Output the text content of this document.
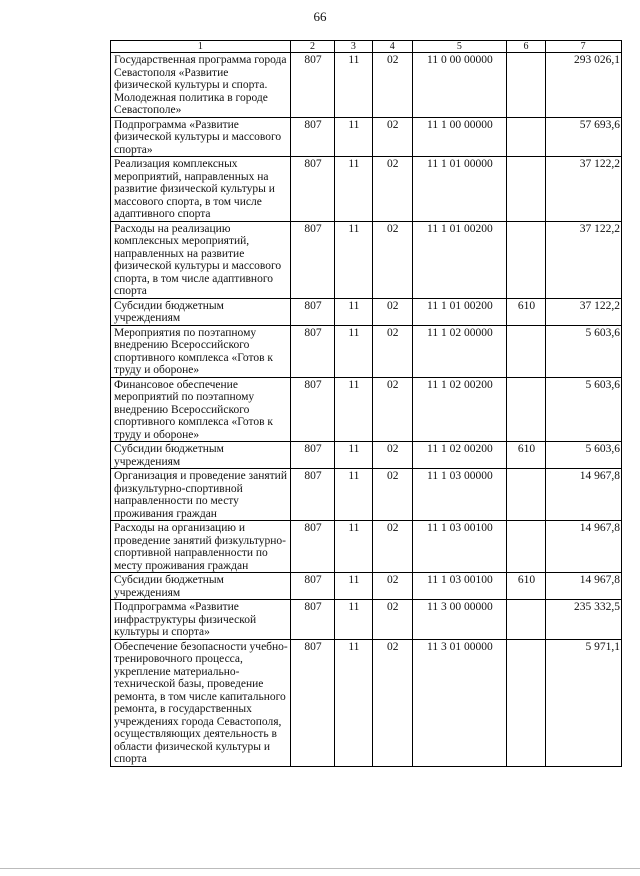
66
1	2	3	4	5	6	7
Государственная программа города Севастополя «Развитие физической культуры и спорта. Молодежная политика в городе Севастополе»	807	11	02	11 0 00 00000		293 026,1
Подпрограмма «Развитие физической культуры и массового спорта»	807	11	02	11 1 00 00000		57 693,6
Реализация комплексных мероприятий, направленных на развитие физической культуры и массового спорта, в том числе адаптивного спорта	807	11	02	11 1 01 00000		37 122,2
Расходы на реализацию комплексных мероприятий, направленных на развитие физической культуры и массового спорта, в том числе адаптивного спорта	807	11	02	11 1 01 00200		37 122,2
Субсидии бюджетным учреждениям	807	11	02	11 1 01 00200	610	37 122,2
Мероприятия по поэтапному внедрению Всероссийского спортивного комплекса «Готов к труду и обороне»	807	11	02	11 1 02 00000		5 603,6
Финансовое обеспечение мероприятий по поэтапному внедрению Всероссийского спортивного комплекса «Готов к труду и обороне»	807	11	02	11 1 02 00200		5 603,6
Субсидии бюджетным учреждениям	807	11	02	11 1 02 00200	610	5 603,6
Организация и проведение занятий физкультурно-спортивной направленности по месту проживания граждан	807	11	02	11 1 03 00000		14 967,8
Расходы на организацию и проведение занятий физкультурно-спортивной направленности по месту проживания граждан	807	11	02	11 1 03 00100		14 967,8
Субсидии бюджетным учреждениям	807	11	02	11 1 03 00100	610	14 967,8
Подпрограмма «Развитие инфраструктуры физической культуры и спорта»	807	11	02	11 3 00 00000		235 332,5
Обеспечение безопасности учебно-тренировочного процесса, укрепление материально-технической базы, проведение ремонта, в том числе капитального ремонта, в государственных учреждениях города Севастополя, осуществляющих деятельность в области физической культуры и спорта	807	11	02	11 3 01 00000		5 971,1
